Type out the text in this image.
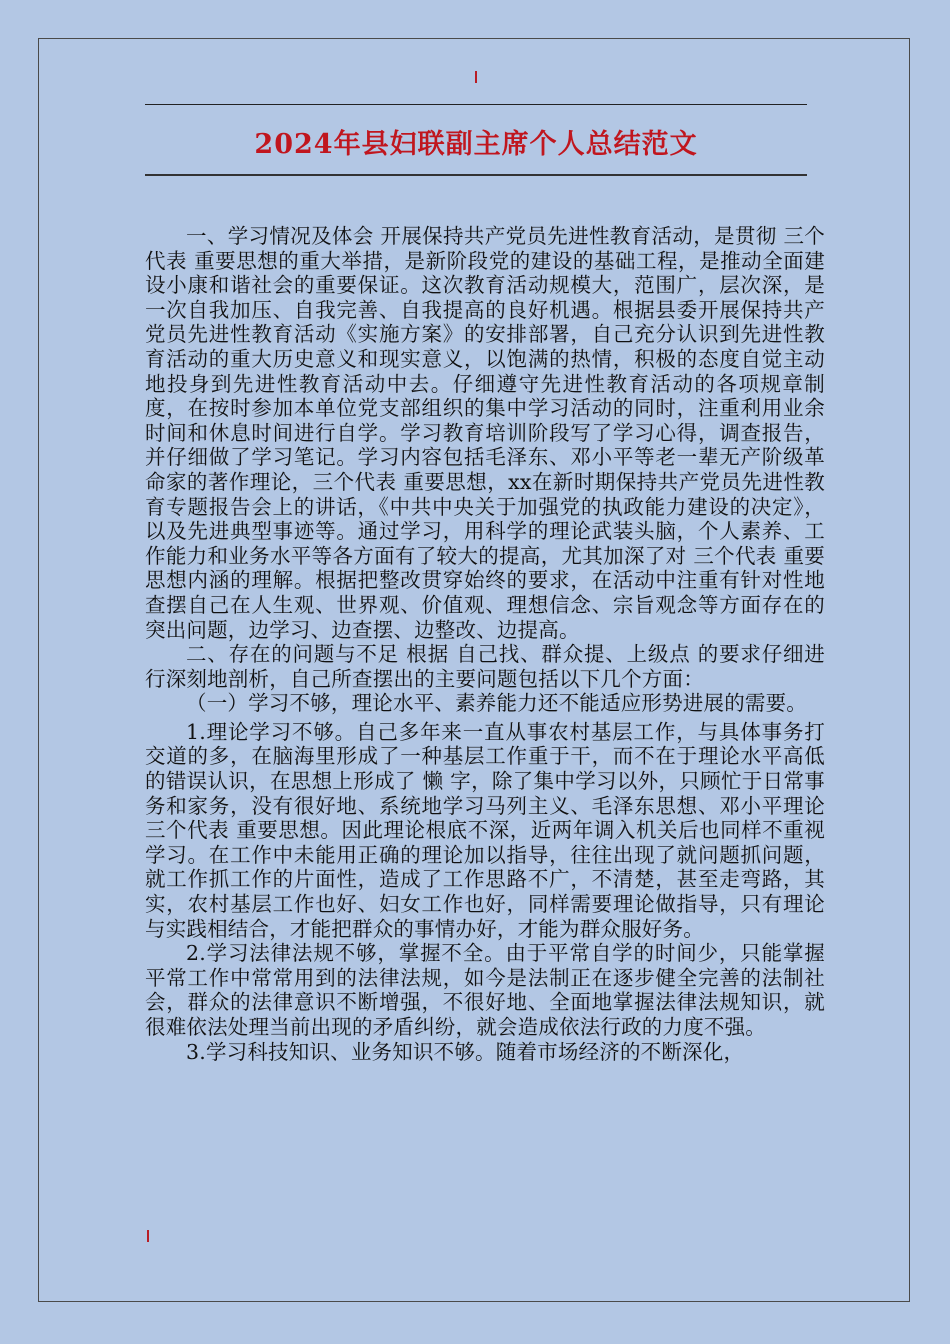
2024年县妇联副主席个人总结范文

一、学习情况及体会 开展保持共产党员先进性教育活动，是贯彻 三个代表 重要思想的重大举措，是新阶段党的建设的基础工程，是推动全面建设小康和谐社会的重要保证。这次教育活动规模大，范围广，层次深，是一次自我加压、自我完善、自我提高的良好机遇。根据县委开展保持共产党员先进性教育活动《实施方案》的安排部署，自己充分认识到先进性教育活动的重大历史意义和现实意义，以饱满的热情，积极的态度自觉主动地投身到先进性教育活动中去。仔细遵守先进性教育活动的各项规章制度，在按时参加本单位党支部组织的集中学习活动的同时，注重利用业余时间和休息时间进行自学。学习教育培训阶段写了学习心得，调查报告，并仔细做了学习笔记。学习内容包括毛泽东、邓小平等老一辈无产阶级革命家的著作理论，三个代表 重要思想，xx在新时期保持共产党员先进性教育专题报告会上的讲话，《中共中央关于加强党的执政能力建设的决定》，以及先进典型事迹等。通过学习，用科学的理论武装头脑，个人素养、工作能力和业务水平等各方面有了较大的提高，尤其加深了对 三个代表 重要思想内涵的理解。根据把整改贯穿始终的要求，在活动中注重有针对性地查摆自己在人生观、世界观、价值观、理想信念、宗旨观念等方面存在的突出问题，边学习、边查摆、边整改、边提高。

二、存在的问题与不足 根据 自己找、群众提、上级点 的要求仔细进行深刻地剖析，自己所查摆出的主要问题包括以下几个方面：

（一）学习不够，理论水平、素养能力还不能适应形势进展的需要。

1.理论学习不够。自己多年来一直从事农村基层工作，与具体事务打交道的多，在脑海里形成了一种基层工作重于干，而不在于理论水平高低的错误认识，在思想上形成了 懒 字，除了集中学习以外，只顾忙于日常事务和家务，没有很好地、系统地学习马列主义、毛泽东思想、邓小平理论 三个代表 重要思想。因此理论根底不深，近两年调入机关后也同样不重视学习。在工作中未能用正确的理论加以指导，往往出现了就问题抓问题，就工作抓工作的片面性，造成了工作思路不广，不清楚，甚至走弯路，其实，农村基层工作也好、妇女工作也好，同样需要理论做指导，只有理论与实践相结合，才能把群众的事情办好，才能为群众服好务。

2.学习法律法规不够，掌握不全。由于平常自学的时间少，只能掌握平常工作中常常用到的法律法规，如今是法制正在逐步健全完善的法制社会，群众的法律意识不断增强，不很好地、全面地掌握法律法规知识，就很难依法处理当前出现的矛盾纠纷，就会造成依法行政的力度不强。

3.学习科技知识、业务知识不够。随着市场经济的不断深化，
